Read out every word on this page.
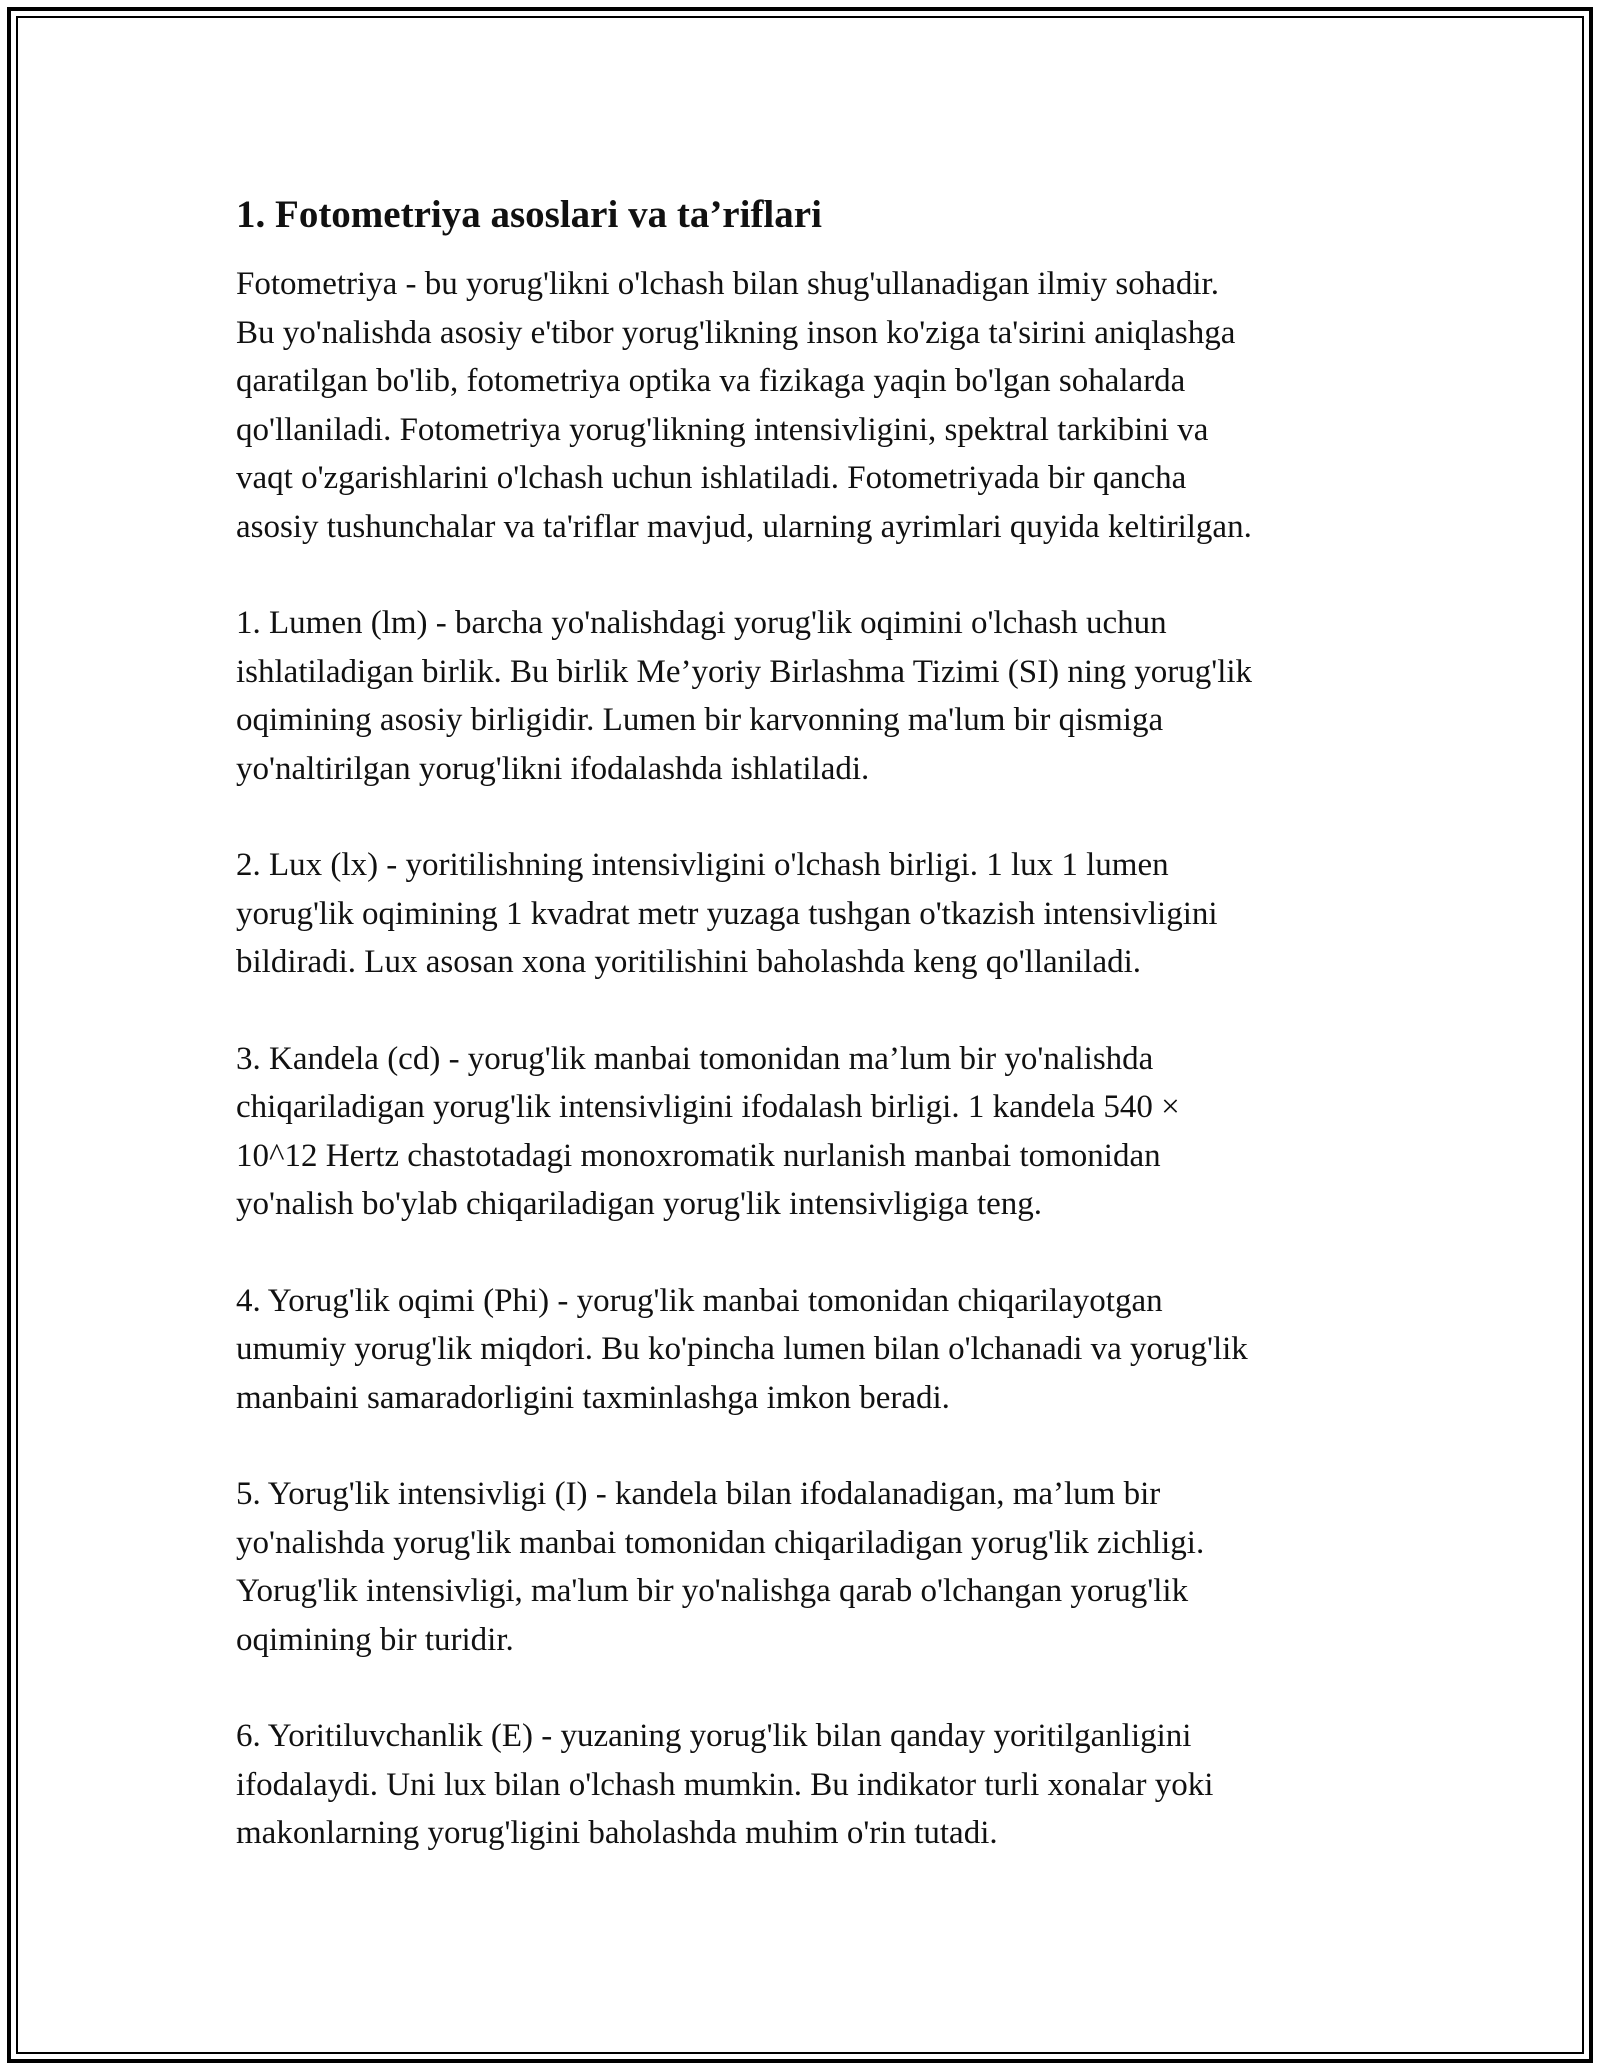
1. Fotometriya asoslari va ta’riflari

Fotometriya - bu yorug'likni o'lchash bilan shug'ullanadigan ilmiy sohadir.
Bu yo'nalishda asosiy e'tibor yorug'likning inson ko'ziga ta'sirini aniqlashga
qaratilgan bo'lib, fotometriya optika va fizikaga yaqin bo'lgan sohalarda
qo'llaniladi. Fotometriya yorug'likning intensivligini, spektral tarkibini va
vaqt o'zgarishlarini o'lchash uchun ishlatiladi. Fotometriyada bir qancha
asosiy tushunchalar va ta'riflar mavjud, ularning ayrimlari quyida keltirilgan.

1. Lumen (lm) - barcha yo'nalishdagi yorug'lik oqimini o'lchash uchun
ishlatiladigan birlik. Bu birlik Me’yoriy Birlashma Tizimi (SI) ning yorug'lik
oqimining asosiy birligidir. Lumen bir karvonning ma'lum bir qismiga
yo'naltirilgan yorug'likni ifodalashda ishlatiladi.

2. Lux (lx) - yoritilishning intensivligini o'lchash birligi. 1 lux 1 lumen
yorug'lik oqimining 1 kvadrat metr yuzaga tushgan o'tkazish intensivligini
bildiradi. Lux asosan xona yoritilishini baholashda keng qo'llaniladi.

3. Kandela (cd) - yorug'lik manbai tomonidan ma’lum bir yo'nalishda
chiqariladigan yorug'lik intensivligini ifodalash birligi. 1 kandela 540 ×
10^12 Hertz chastotadagi monoxromatik nurlanish manbai tomonidan
yo'nalish bo'ylab chiqariladigan yorug'lik intensivligiga teng.

4. Yorug'lik oqimi (Phi) - yorug'lik manbai tomonidan chiqarilayotgan
umumiy yorug'lik miqdori. Bu ko'pincha lumen bilan o'lchanadi va yorug'lik
manbaini samaradorligini taxminlashga imkon beradi.

5. Yorug'lik intensivligi (I) - kandela bilan ifodalanadigan, ma’lum bir
yo'nalishda yorug'lik manbai tomonidan chiqariladigan yorug'lik zichligi.
Yorug'lik intensivligi, ma'lum bir yo'nalishga qarab o'lchangan yorug'lik
oqimining bir turidir.

6. Yoritiluvchanlik (E) - yuzaning yorug'lik bilan qanday yoritilganligini
ifodalaydi. Uni lux bilan o'lchash mumkin. Bu indikator turli xonalar yoki
makonlarning yorug'ligini baholashda muhim o'rin tutadi.
